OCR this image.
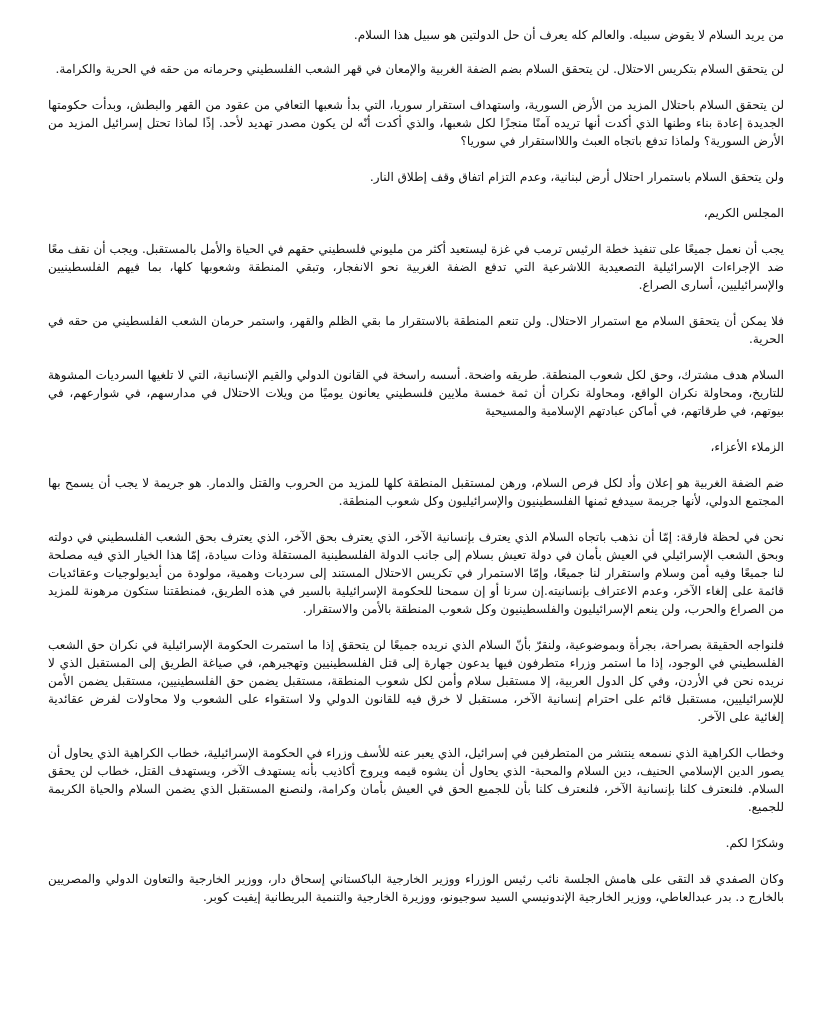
من يريد السلام لا يقوض سبيله. والعالم كله يعرف أن حل الدولتين هو سبيل هذا السلام.

لن يتحقق السلام بتكريس الاحتلال. لن يتحقق السلام بضم الضفة الغربية والإمعان في قهر الشعب الفلسطيني وحرمانه من حقه في الحرية والكرامة.

لن يتحقق السلام باحتلال المزيد من الأرض السورية، واستهداف استقرار سوريا، التي بدأ شعبها التعافي من عقود من القهر والبطش، وبدأت حكومتها الجديدة إعادة بناء وطنها الذي أكدت أنها تريده آمنًا منجزًا لكل شعبها، والذي أكدت أنّه لن يكون مصدر تهديد لأحد. إذًا لماذا تحتل إسرائيل المزيد من الأرض السورية؟ ولماذا تدفع باتجاه العبث واللااستقرار في سوريا؟

ولن يتحقق السلام باستمرار احتلال أرض لبنانية، وعدم التزام اتفاق وقف إطلاق النار.

المجلس الكريم،

يجب أن نعمل جميعًا على تنفيذ خطة الرئيس ترمب في غزة ليستعيد أكثر من مليوني فلسطيني حقهم في الحياة والأمل بالمستقبل. ويجب أن نقف معًا ضد الإجراءات الإسرائيلية التصعيدية اللاشرعية التي تدفع الضفة الغربية نحو الانفجار، وتبقي المنطقة وشعوبها كلها، بما فيهم الفلسطينيين والإسرائيليين، أسارى الصراع.

فلا يمكن أن يتحقق السلام مع استمرار الاحتلال. ولن تنعم المنطقة بالاستقرار ما بقي الظلم والقهر، واستمر حرمان الشعب الفلسطيني من حقه في الحرية.

السلام هدف مشترك، وحق لكل شعوب المنطقة. طريقه واضحة. أسسه راسخة في القانون الدولي والقيم الإنسانية، التي لا تلغيها السرديات المشوهة للتاريخ، ومحاولة نكران الواقع، ومحاولة نكران أن ثمة خمسة ملايين فلسطيني يعانون يوميًا من ويلات الاحتلال في مدارسهم، في شوارعهم، في بيوتهم، في طرقاتهم، في أماكن عبادتهم الإسلامية والمسيحية

الزملاء الأعزاء،

ضم الضفة الغربية هو إعلان وأد لكل فرص السلام، ورهن لمستقبل المنطقة كلها للمزيد من الحروب والقتل والدمار. هو جريمة لا يجب أن يسمح بها المجتمع الدولي، لأنها جريمة سيدفع ثمنها الفلسطينيون والإسرائيليون وكل شعوب المنطقة.

نحن في لحظة فارقة: إمّا أن نذهب باتجاه السلام الذي يعترف بإنسانية الآخر، الذي يعترف بحق الآخر، الذي يعترف بحق الشعب الفلسطيني في دولته وبحق الشعب الإسرائيلي في العيش بأمان في دولة تعيش بسلام إلى جانب الدولة الفلسطينية المستقلة وذات سيادة، إمّا هذا الخيار الذي فيه مصلحة لنا جميعًا وفيه أمن وسلام واستقرار لنا جميعًا، وإمّا الاستمرار في تكريس الاحتلال المستند إلى سرديات وهمية، مولودة من أيديولوجيات وعقائديات قائمة على إلغاء الآخر، وعدم الاعتراف بإنسانيته.إن سرنا أو إن سمحنا للحكومة الإسرائيلية بالسير في هذه الطريق، فمنطقتنا ستكون مرهونة للمزيد من الصراع والحرب، ولن ينعم الإسرائيليون والفلسطينيون وكل شعوب المنطقة بالأمن والاستقرار.

فلنواجه الحقيقة بصراحة، بجرأة وبموضوعية، ولنقرّ بأنّ السلام الذي نريده جميعًا لن يتحقق إذا ما استمرت الحكومة الإسرائيلية في نكران حق الشعب الفلسطيني في الوجود، إذا ما استمر وزراء متطرفون فيها يدعون جهارة إلى قتل الفلسطينيين وتهجيرهم، في صياغة الطريق إلى المستقبل الذي لا نريده نحن في الأردن، وفي كل الدول العربية، إلا مستقبل سلام وأمن لكل شعوب المنطقة، مستقبل يضمن حق الفلسطينيين، مستقبل يضمن الأمن للإسرائيليين، مستقبل قائم على احترام إنسانية الآخر، مستقبل لا خرق فيه للقانون الدولي ولا استقواء على الشعوب ولا محاولات لفرض عقائدية إلغائية على الآخر.

وخطاب الكراهية الذي نسمعه ينتشر من المتطرفين في إسرائيل، الذي يعبر عنه للأسف وزراء في الحكومة الإسرائيلية، خطاب الكراهية الذي يحاول أن يصور الدين الإسلامي الحنيف، دين السلام والمحبة- الذي يحاول أن يشوه قيمه ويروج أكاذيب بأنه يستهدف الآخر، ويستهدف القتل، خطاب لن يحقق السلام. فلنعترف كلنا بإنسانية الآخر، فلنعترف كلنا بأن للجميع الحق في العيش بأمان وكرامة، ولنصنع المستقبل الذي يضمن السلام والحياة الكريمة للجميع.

وشكرًا لكم.

وكان الصفدي قد التقى على هامش الجلسة نائب رئيس الوزراء ووزير الخارجية الباكستاني إسحاق دار، ووزير الخارجية والتعاون الدولي والمصريين بالخارج د. بدر عبدالعاطي، ووزير الخارجية الإندونيسي السيد سوجيونو، ووزيرة الخارجية والتنمية البريطانية إيفيت كوبر.
